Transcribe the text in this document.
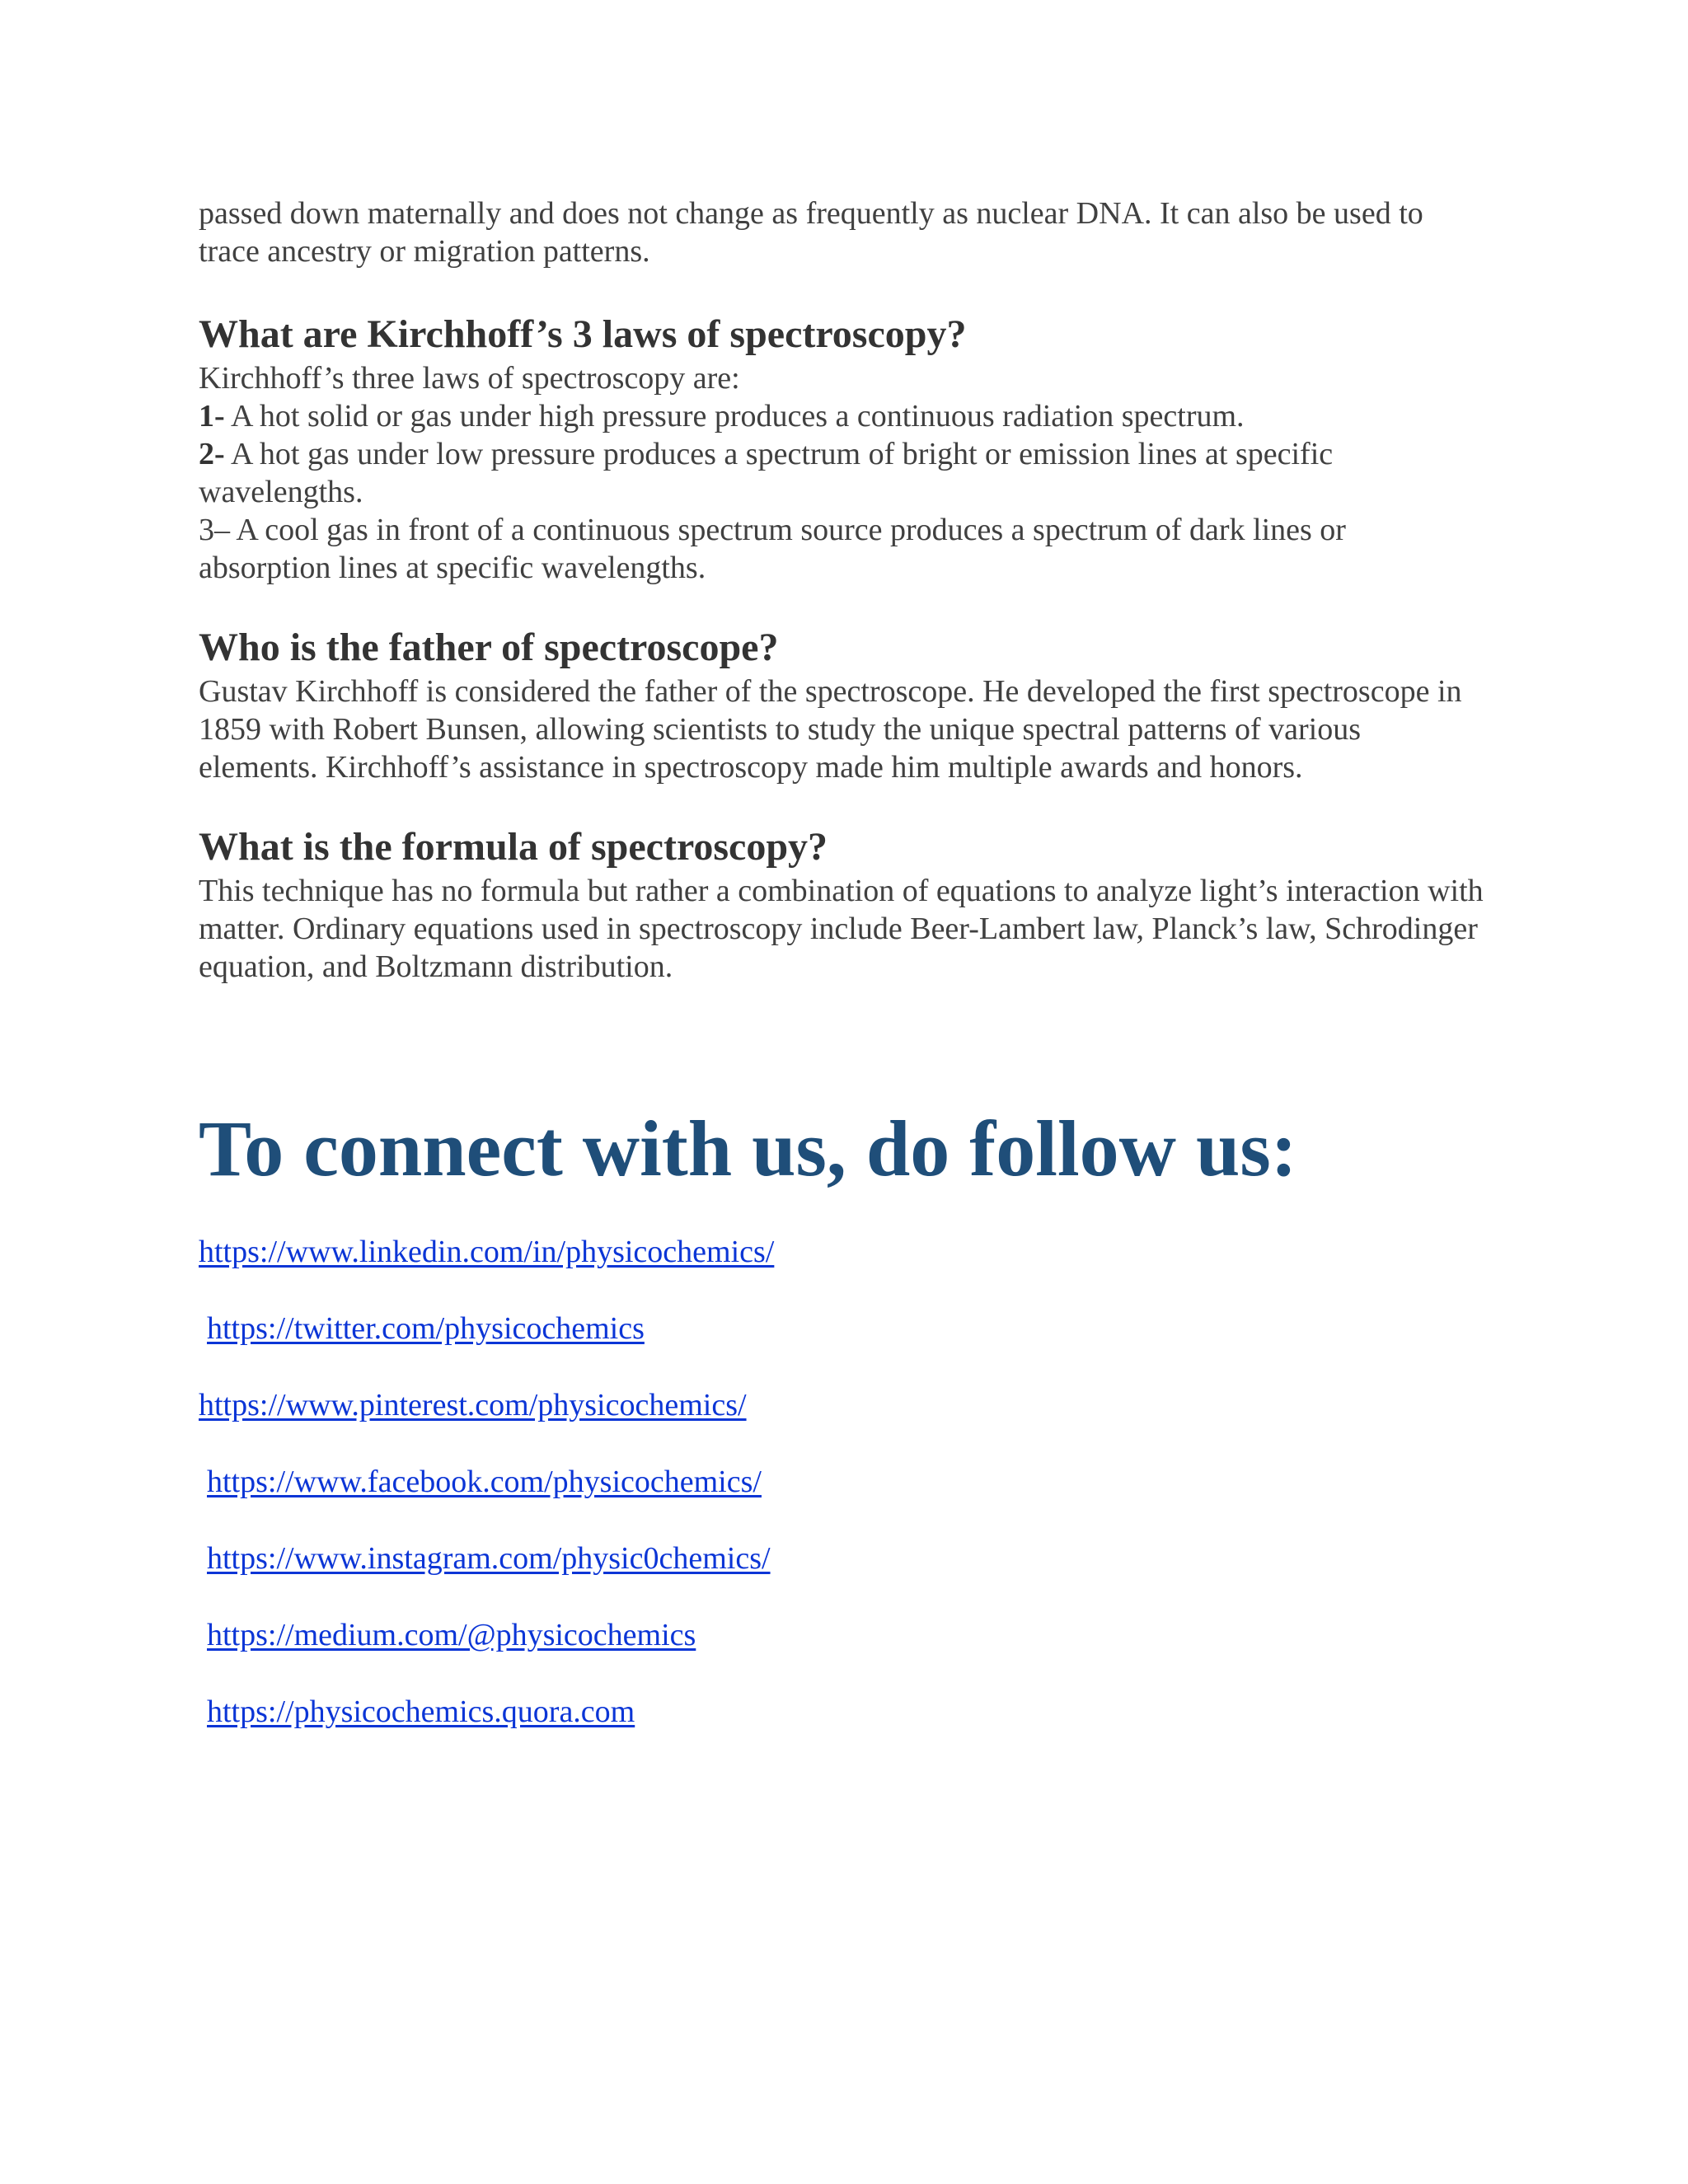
passed down maternally and does not change as frequently as nuclear DNA. It can also be used to trace ancestry or migration patterns.

What are Kirchhoff’s 3 laws of spectroscopy?

Kirchhoff’s three laws of spectroscopy are:

1- A hot solid or gas under high pressure produces a continuous radiation spectrum.

2- A hot gas under low pressure produces a spectrum of bright or emission lines at specific wavelengths.

3– A cool gas in front of a continuous spectrum source produces a spectrum of dark lines or absorption lines at specific wavelengths.

Who is the father of spectroscope?

Gustav Kirchhoff is considered the father of the spectroscope. He developed the first spectroscope in 1859 with Robert Bunsen, allowing scientists to study the unique spectral patterns of various elements. Kirchhoff’s assistance in spectroscopy made him multiple awards and honors.

What is the formula of spectroscopy?

This technique has no formula but rather a combination of equations to analyze light’s interaction with matter. Ordinary equations used in spectroscopy include Beer-Lambert law, Planck’s law, Schrodinger equation, and Boltzmann distribution.

To connect with us, do follow us:
https://www.linkedin.com/in/physicochemics/
https://twitter.com/physicochemics
https://www.pinterest.com/physicochemics/
https://www.facebook.com/physicochemics/
https://www.instagram.com/physic0chemics/
https://medium.com/@physicochemics
https://physicochemics.quora.com
